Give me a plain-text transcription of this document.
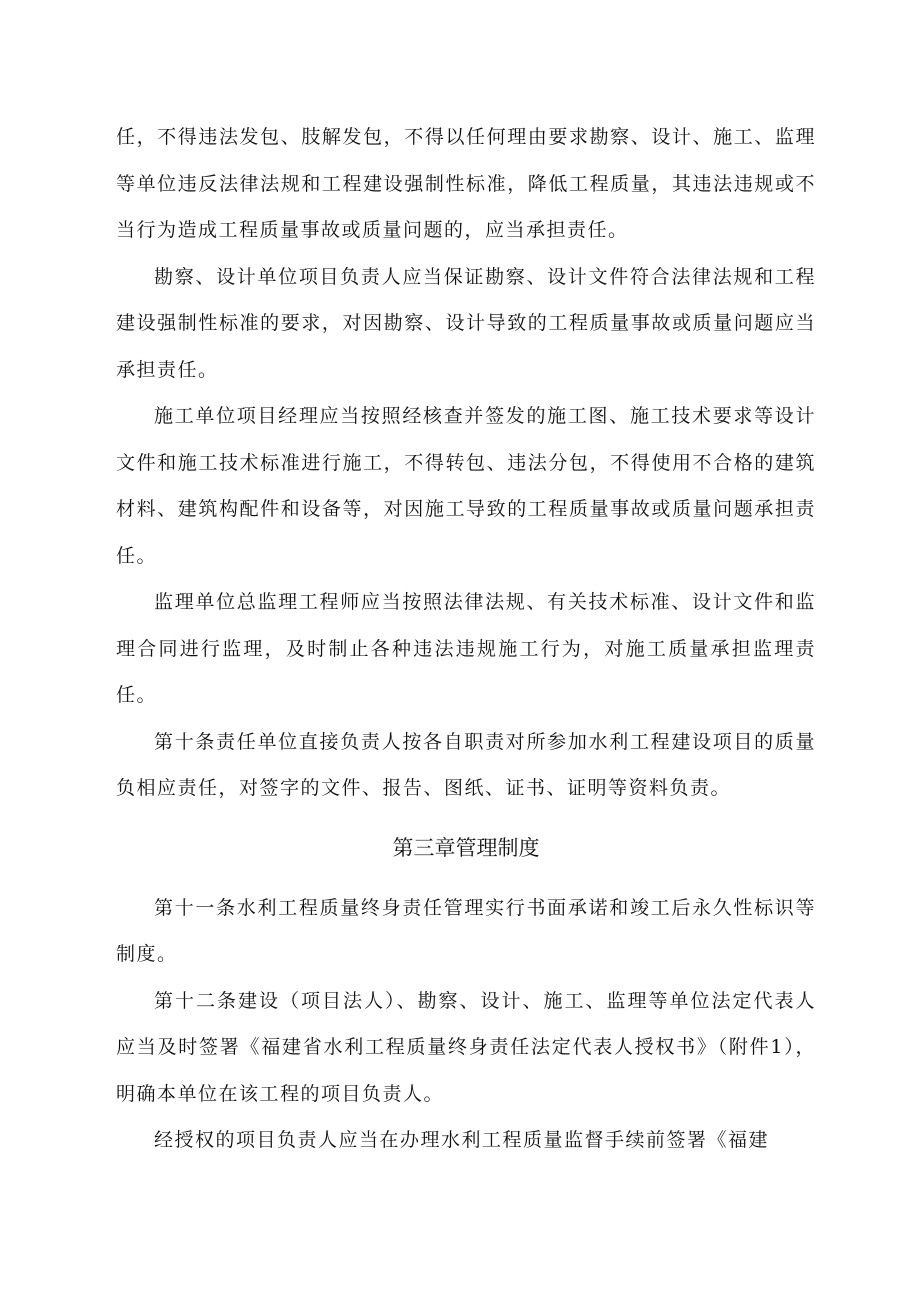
任，不得违法发包、肢解发包，不得以任何理由要求勘察、设计、施工、监理等单位违反法律法规和工程建设强制性标准，降低工程质量，其违法违规或不当行为造成工程质量事故或质量问题的，应当承担责任。

勘察、设计单位项目负责人应当保证勘察、设计文件符合法律法规和工程建设强制性标准的要求，对因勘察、设计导致的工程质量事故或质量问题应当承担责任。

施工单位项目经理应当按照经核查并签发的施工图、施工技术要求等设计文件和施工技术标准进行施工，不得转包、违法分包，不得使用不合格的建筑材料、建筑构配件和设备等，对因施工导致的工程质量事故或质量问题承担责任。

监理单位总监理工程师应当按照法律法规、有关技术标准、设计文件和监理合同进行监理，及时制止各种违法违规施工行为，对施工质量承担监理责任。

第十条责任单位直接负责人按各自职责对所参加水利工程建设项目的质量负相应责任，对签字的文件、报告、图纸、证书、证明等资料负责。

第三章管理制度

第十一条水利工程质量终身责任管理实行书面承诺和竣工后永久性标识等制度。

第十二条建设（项目法人）、勘察、设计、施工、监理等单位法定代表人应当及时签署《福建省水利工程质量终身责任法定代表人授权书》（附件1），明确本单位在该工程的项目负责人。

经授权的项目负责人应当在办理水利工程质量监督手续前签署《福建
